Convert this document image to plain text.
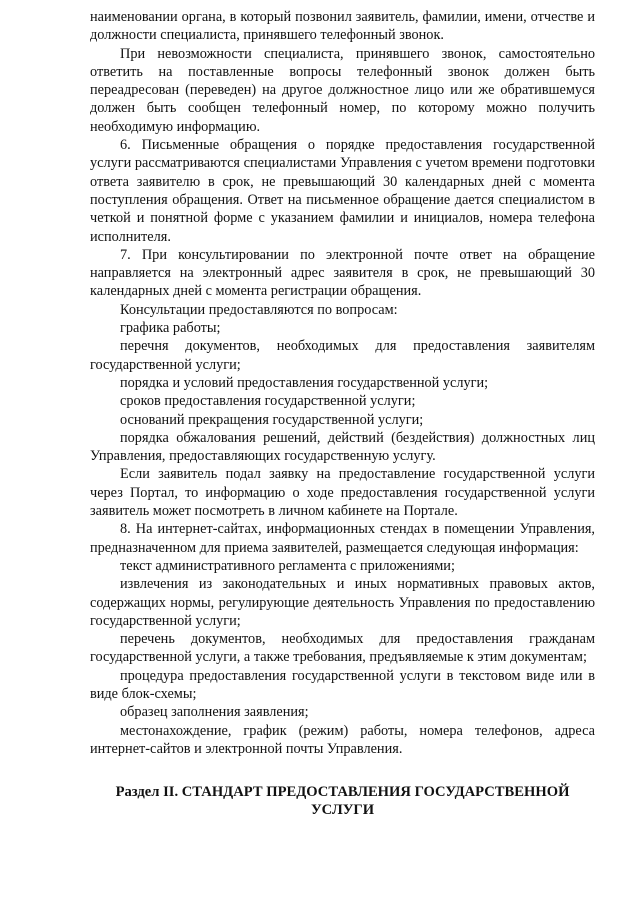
наименовании органа, в который позвонил заявитель, фамилии, имени, отчестве и должности специалиста, принявшего телефонный звонок.

При невозможности специалиста, принявшего звонок, самостоятельно ответить на поставленные вопросы телефонный звонок должен быть переадресован (переведен) на другое должностное лицо или же обратившемуся должен быть сообщен телефонный номер, по которому можно получить необходимую информацию.

6. Письменные обращения о порядке предоставления государственной услуги рассматриваются специалистами Управления с учетом времени подготовки ответа заявителю в срок, не превышающий 30 календарных дней с момента поступления обращения. Ответ на письменное обращение дается специалистом в четкой и понятной форме с указанием фамилии и инициалов, номера телефона исполнителя.

7. При консультировании по электронной почте ответ на обращение направляется на электронный адрес заявителя в срок, не превышающий 30 календарных дней с момента регистрации обращения.

Консультации предоставляются по вопросам:

графика работы;

перечня документов, необходимых для предоставления заявителям государственной услуги;

порядка и условий предоставления государственной услуги;

сроков предоставления государственной услуги;

оснований прекращения государственной услуги;

порядка обжалования решений, действий (бездействия) должностных лиц Управления, предоставляющих государственную услугу.

Если заявитель подал заявку на предоставление государственной услуги через Портал, то информацию о ходе предоставления государственной услуги заявитель может посмотреть в личном кабинете на Портале.

8. На интернет-сайтах, информационных стендах в помещении Управления, предназначенном для приема заявителей, размещается следующая информация:

текст административного регламента с приложениями;

извлечения из законодательных и иных нормативных правовых актов, содержащих нормы, регулирующие деятельность Управления по предоставлению государственной услуги;

перечень документов, необходимых для предоставления гражданам государственной услуги, а также требования, предъявляемые к этим документам;

процедура предоставления государственной услуги в текстовом виде или в виде блок-схемы;

образец заполнения заявления;

местонахождение, график (режим) работы, номера телефонов, адреса интернет-сайтов и электронной почты Управления.

Раздел II. СТАНДАРТ ПРЕДОСТАВЛЕНИЯ ГОСУДАРСТВЕННОЙ УСЛУГИ
